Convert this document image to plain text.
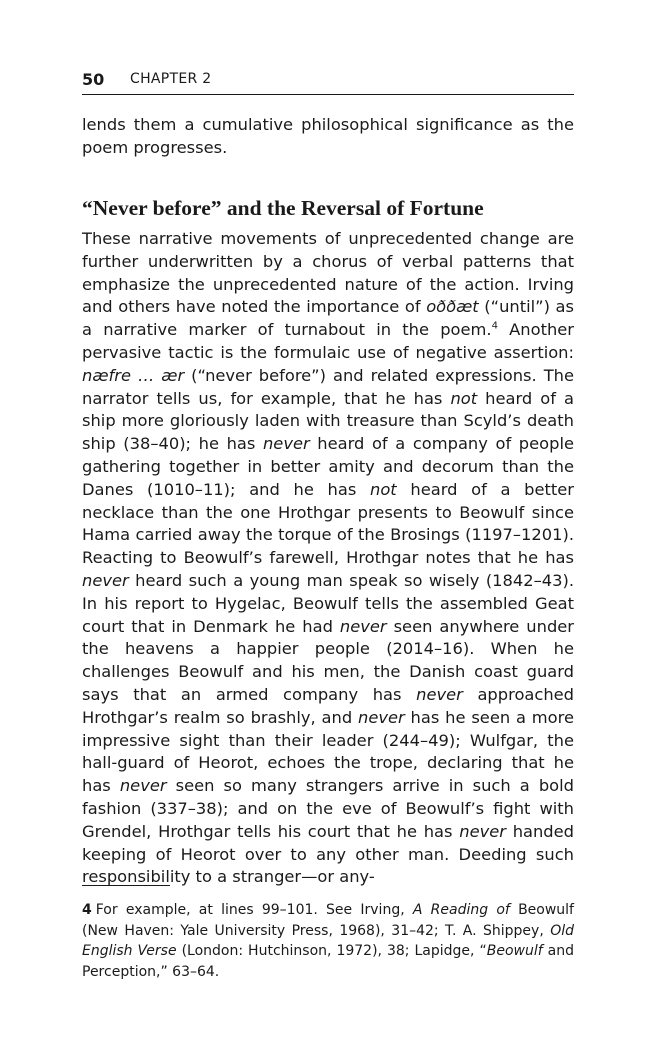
50 CHAPTER 2

lends them a cumulative philosophical significance as the poem progresses.

“Never before” and the Reversal of Fortune

These narrative movements of unprecedented change are further underwritten by a chorus of verbal patterns that emphasize the unprecedented nature of the action. Irving and others have noted the importance of oððæt (“until”) as a narrative marker of turnabout in the poem.$^4$ Another pervasive tactic is the formulaic use of negative assertion: næfre … ær (“never before”) and related expressions. The narrator tells us, for example, that he has not heard of a ship more gloriously laden with treasure than Scyld’s death ship (38–40); he has never heard of a company of people gathering together in better amity and decorum than the Danes (1010–11); and he has not heard of a better necklace than the one Hrothgar presents to Beowulf since Hama carried away the torque of the Brosings (1197–1201). Reacting to Beowulf’s farewell, Hrothgar notes that he has never heard such a young man speak so wisely (1842–43). In his report to Hygelac, Beowulf tells the assembled Geat court that in Denmark he had never seen anywhere under the heavens a happier people (2014–16). When he challenges Beowulf and his men, the Danish coast guard says that an armed company has never approached Hrothgar’s realm so brashly, and never has he seen a more impressive sight than their leader (244–49); Wulfgar, the hall-guard of Heorot, echoes the trope, declaring that he has never seen so many strangers arrive in such a bold fashion (337–38); and on the eve of Beowulf’s fight with Grendel, Hrothgar tells his court that he has never handed keeping of Heorot over to any other man. Deeding such responsibility to a stranger—or any-

4 For example, at lines 99–101. See Irving, A Reading of Beowulf (New Haven: Yale University Press, 1968), 31–42; T. A. Shippey, Old English Verse (London: Hutchinson, 1972), 38; Lapidge, “Beowulf and Perception,” 63–64.
